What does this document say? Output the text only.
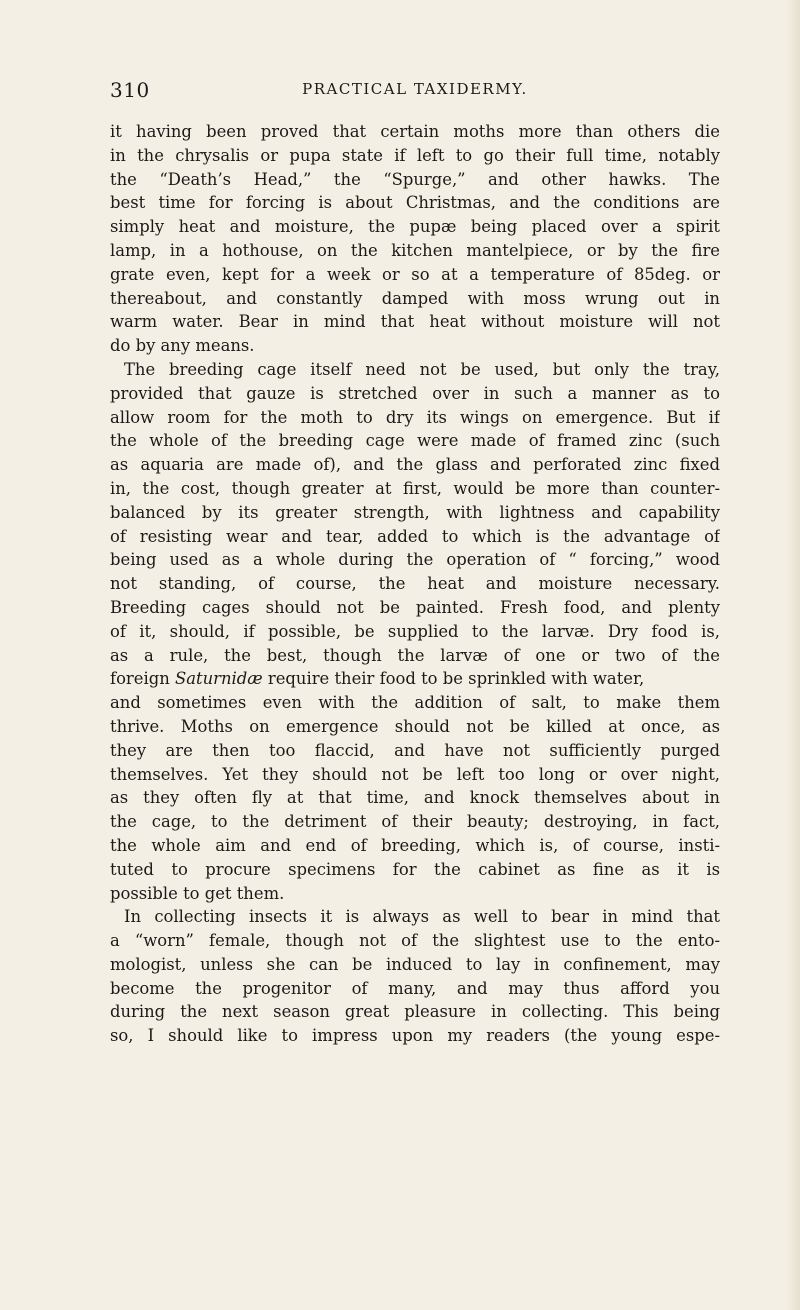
310	PRACTICAL TAXIDERMY.
it having been proved that certain moths more than others die
in the chrysalis or pupa state if left to go their full time, notably
the “Death’s Head,” the “Spurge,” and other hawks. The
best time for forcing is about Christmas, and the conditions are
simply heat and moisture, the pupæ being placed over a spirit
lamp, in a hothouse, on the kitchen mantelpiece, or by the fire
grate even, kept for a week or so at a temperature of 85deg. or
thereabout, and constantly damped with moss wrung out in
warm water. Bear in mind that heat without moisture will not
do by any means.
The breeding cage itself need not be used, but only the tray,
provided that gauze is stretched over in such a manner as to
allow room for the moth to dry its wings on emergence. But if
the whole of the breeding cage were made of framed zinc (such
as aquaria are made of), and the glass and perforated zinc fixed
in, the cost, though greater at first, would be more than counter-
balanced by its greater strength, with lightness and capability
of resisting wear and tear, added to which is the advantage of
being used as a whole during the operation of “ forcing,” wood
not standing, of course, the heat and moisture necessary.
Breeding cages should not be painted. Fresh food, and plenty
of it, should, if possible, be supplied to the larvæ. Dry food is,
as a rule, the best, though the larvæ of one or two of the
foreign Saturnidæ require their food to be sprinkled with water,
and sometimes even with the addition of salt, to make them
thrive. Moths on emergence should not be killed at once, as
they are then too flaccid, and have not sufficiently purged
themselves. Yet they should not be left too long or over night,
as they often fly at that time, and knock themselves about in
the cage, to the detriment of their beauty; destroying, in fact,
the whole aim and end of breeding, which is, of course, insti-
tuted to procure specimens for the cabinet as fine as it is
possible to get them.
In collecting insects it is always as well to bear in mind that
a “worn” female, though not of the slightest use to the ento-
mologist, unless she can be induced to lay in confinement, may
become the progenitor of many, and may thus afford you
during the next season great pleasure in collecting. This being
so, I should like to impress upon my readers (the young espe-
